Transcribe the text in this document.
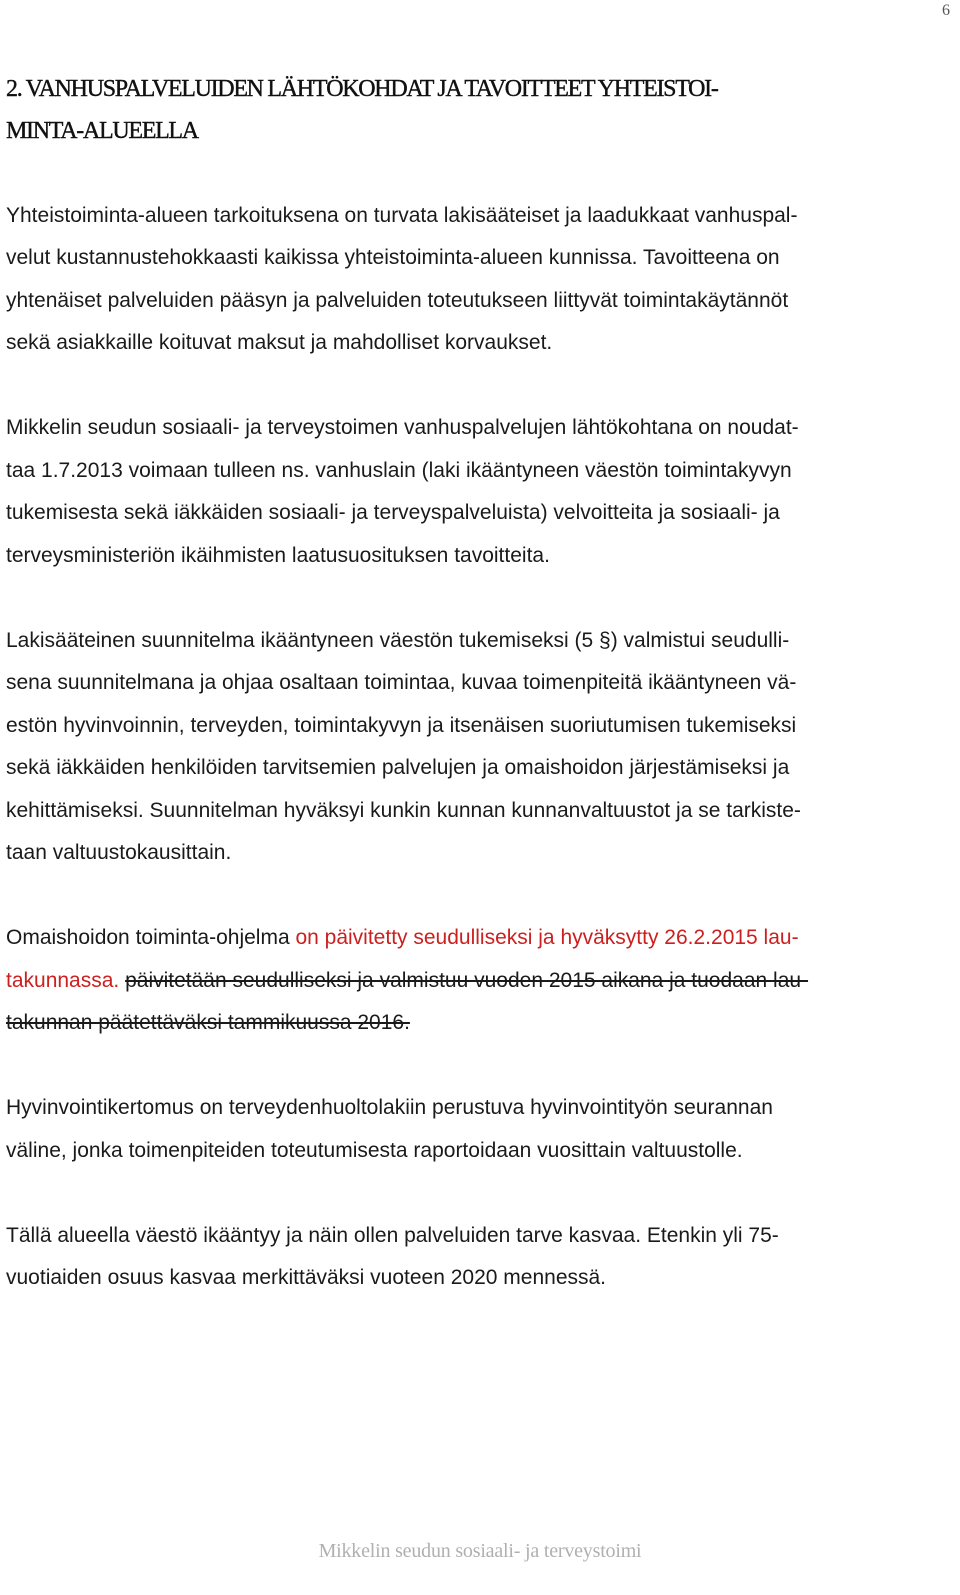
6
2. VANHUSPALVELUIDEN LÄHTÖKOHDAT JA TAVOITTEET YHTEISTOI-
MINTA-ALUEELLA

Yhteistoiminta-alueen tarkoituksena on turvata lakisääteiset ja laadukkaat vanhuspal-
velut kustannustehokkaasti kaikissa yhteistoiminta-alueen kunnissa. Tavoitteena on
yhtenäiset palveluiden pääsyn ja palveluiden toteutukseen liittyvät toimintakäytännöt
sekä asiakkaille koituvat maksut ja mahdolliset korvaukset.

Mikkelin seudun sosiaali- ja terveystoimen vanhuspalvelujen lähtökohtana on noudat-
taa 1.7.2013 voimaan tulleen ns. vanhuslain (laki ikääntyneen väestön toimintakyvyn
tukemisesta sekä iäkkäiden sosiaali- ja terveyspalveluista) velvoitteita ja sosiaali- ja
terveysministeriön ikäihmisten laatusuosituksen tavoitteita.

Lakisääteinen suunnitelma ikääntyneen väestön tukemiseksi (5 §) valmistui seudulli-
sena suunnitelmana ja ohjaa osaltaan toimintaa, kuvaa toimenpiteitä ikääntyneen vä-
estön hyvinvoinnin, terveyden, toimintakyvyn ja itsenäisen suoriutumisen tukemiseksi
sekä iäkkäiden henkilöiden tarvitsemien palvelujen ja omaishoidon järjestämiseksi ja
kehittämiseksi. Suunnitelman hyväksyi kunkin kunnan kunnanvaltuustot ja se tarkiste-
taan valtuustokausittain.

Omaishoidon toiminta-ohjelma on päivitetty seudulliseksi ja hyväksytty 26.2.2015 lau-
takunnassa. päivitetään seudulliseksi ja valmistuu vuoden 2015 aikana ja tuodaan lau-
takunnan päätettäväksi tammikuussa 2016.

Hyvinvointikertomus on terveydenhuoltolakiin perustuva hyvinvointityön seurannan
väline, jonka toimenpiteiden toteutumisesta raportoidaan vuosittain valtuustolle.

Tällä alueella väestö ikääntyy ja näin ollen palveluiden tarve kasvaa. Etenkin yli 75-
vuotiaiden osuus kasvaa merkittäväksi vuoteen 2020 mennessä.

Mikkelin seudun sosiaali- ja terveystoimi
